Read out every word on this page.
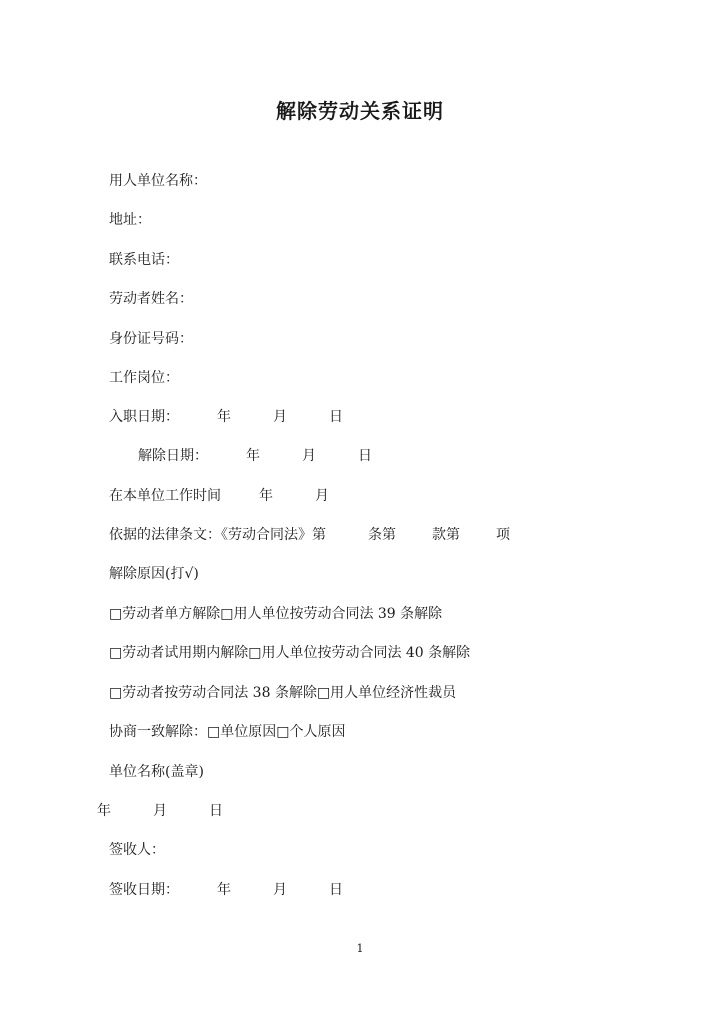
解除劳动关系证明
用人单位名称：
地址：
联系电话：
劳动者姓名：
身份证号码：
工作岗位：
入职日期：	年	月	日
解除日期：	年	月	日
在本单位工作时间	年	月
依据的法律条文：《劳动合同法》第	条第	款第	项
解除原因(打√)
□劳动者单方解除□用人单位按劳动合同法 39 条解除
□劳动者试用期内解除□用人单位按劳动合同法 40 条解除
□劳动者按劳动合同法 38 条解除□用人单位经济性裁员
协商一致解除：□单位原因□个人原因
单位名称(盖章)
年	月	日
签收人：
签收日期：	年	月	日
1
